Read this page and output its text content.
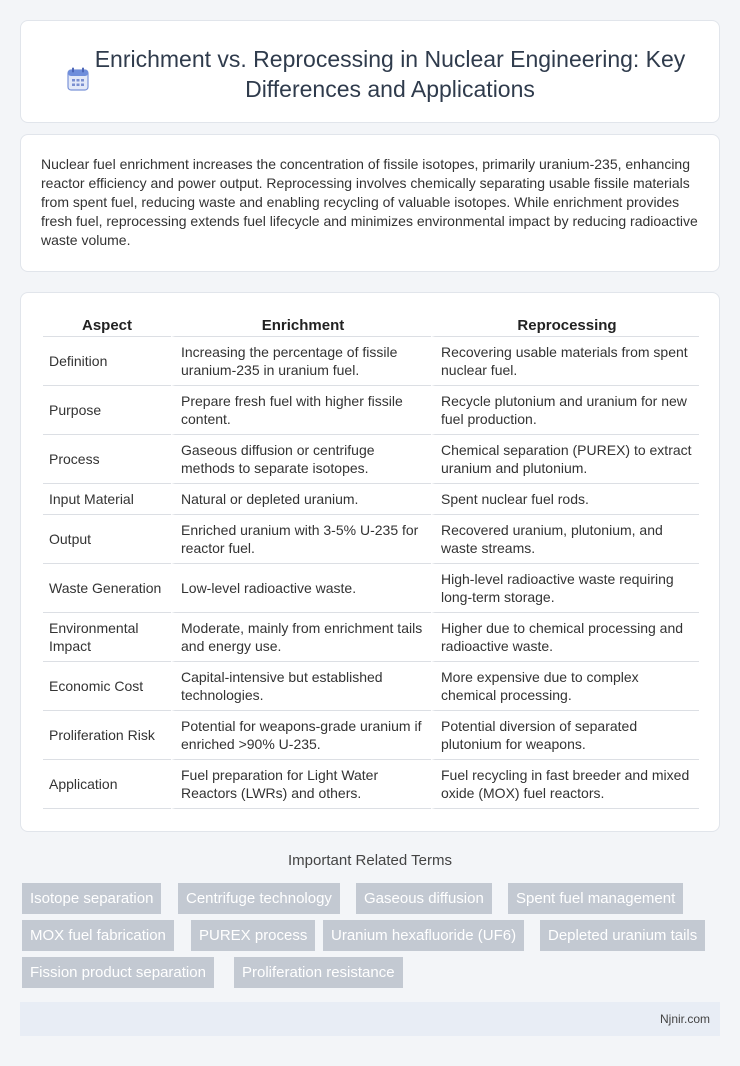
Enrichment vs. Reprocessing in Nuclear Engineering: Key Differences and Applications

Nuclear fuel enrichment increases the concentration of fissile isotopes, primarily uranium-235, enhancing reactor efficiency and power output. Reprocessing involves chemically separating usable fissile materials from spent fuel, reducing waste and enabling recycling of valuable isotopes. While enrichment provides fresh fuel, reprocessing extends fuel lifecycle and minimizes environmental impact by reducing radioactive waste volume.

Aspect	Enrichment	Reprocessing
Definition	Increasing the percentage of fissile uranium-235 in uranium fuel.	Recovering usable materials from spent nuclear fuel.
Purpose	Prepare fresh fuel with higher fissile content.	Recycle plutonium and uranium for new fuel production.
Process	Gaseous diffusion or centrifuge methods to separate isotopes.	Chemical separation (PUREX) to extract uranium and plutonium.
Input Material	Natural or depleted uranium.	Spent nuclear fuel rods.
Output	Enriched uranium with 3-5% U-235 for reactor fuel.	Recovered uranium, plutonium, and waste streams.
Waste Generation	Low-level radioactive waste.	High-level radioactive waste requiring long-term storage.
Environmental Impact	Moderate, mainly from enrichment tails and energy use.	Higher due to chemical processing and radioactive waste.
Economic Cost	Capital-intensive but established technologies.	More expensive due to complex chemical processing.
Proliferation Risk	Potential for weapons-grade uranium if enriched >90% U-235.	Potential diversion of separated plutonium for weapons.
Application	Fuel preparation for Light Water Reactors (LWRs) and others.	Fuel recycling in fast breeder and mixed oxide (MOX) fuel reactors.
Important Related Terms
Isotope separation	Centrifuge technology	Gaseous diffusion	Spent fuel management
MOX fuel fabrication	PUREX process	Uranium hexafluoride (UF6)	Depleted uranium tails
Fission product separation	Proliferation resistance
Njnir.com
